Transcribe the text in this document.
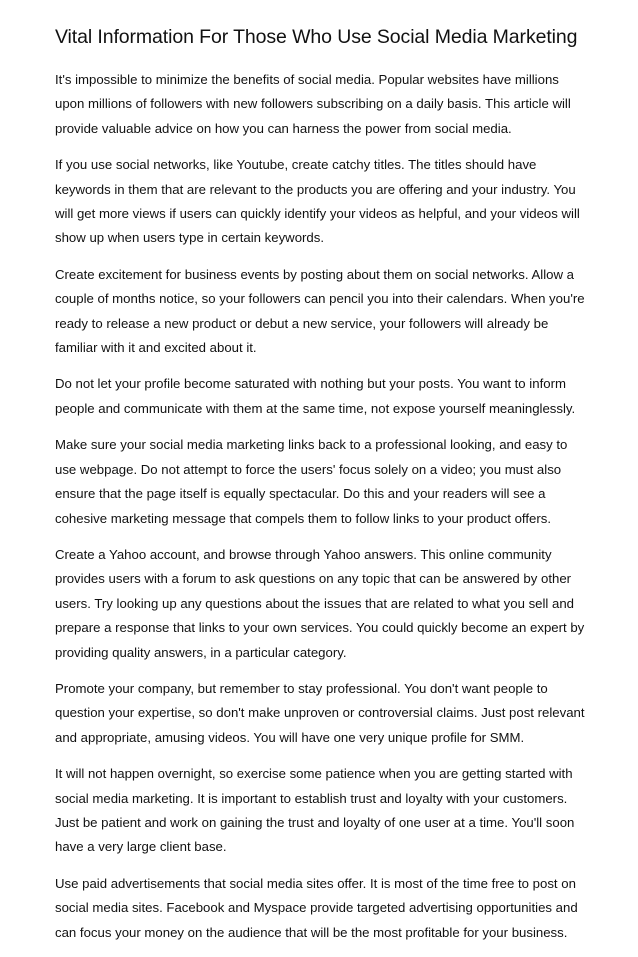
Vital Information For Those Who Use Social Media Marketing

It's impossible to minimize the benefits of social media. Popular websites have millions upon millions of followers with new followers subscribing on a daily basis. This article will provide valuable advice on how you can harness the power from social media.

If you use social networks, like Youtube, create catchy titles. The titles should have keywords in them that are relevant to the products you are offering and your industry. You will get more views if users can quickly identify your videos as helpful, and your videos will show up when users type in certain keywords.

Create excitement for business events by posting about them on social networks. Allow a couple of months notice, so your followers can pencil you into their calendars. When you're ready to release a new product or debut a new service, your followers will already be familiar with it and excited about it.

Do not let your profile become saturated with nothing but your posts. You want to inform people and communicate with them at the same time, not expose yourself meaninglessly.

Make sure your social media marketing links back to a professional looking, and easy to use webpage. Do not attempt to force the users' focus solely on a video; you must also ensure that the page itself is equally spectacular. Do this and your readers will see a cohesive marketing message that compels them to follow links to your product offers.

Create a Yahoo account, and browse through Yahoo answers. This online community provides users with a forum to ask questions on any topic that can be answered by other users. Try looking up any questions about the issues that are related to what you sell and prepare a response that links to your own services. You could quickly become an expert by providing quality answers, in a particular category.

Promote your company, but remember to stay professional. You don't want people to question your expertise, so don't make unproven or controversial claims. Just post relevant and appropriate, amusing videos. You will have one very unique profile for SMM.

It will not happen overnight, so exercise some patience when you are getting started with social media marketing. It is important to establish trust and loyalty with your customers. Just be patient and work on gaining the trust and loyalty of one user at a time. You'll soon have a very large client base.

Use paid advertisements that social media sites offer. It is most of the time free to post on social media sites. Facebook and Myspace provide targeted advertising opportunities and can focus your money on the audience that will be the most profitable for your business.
